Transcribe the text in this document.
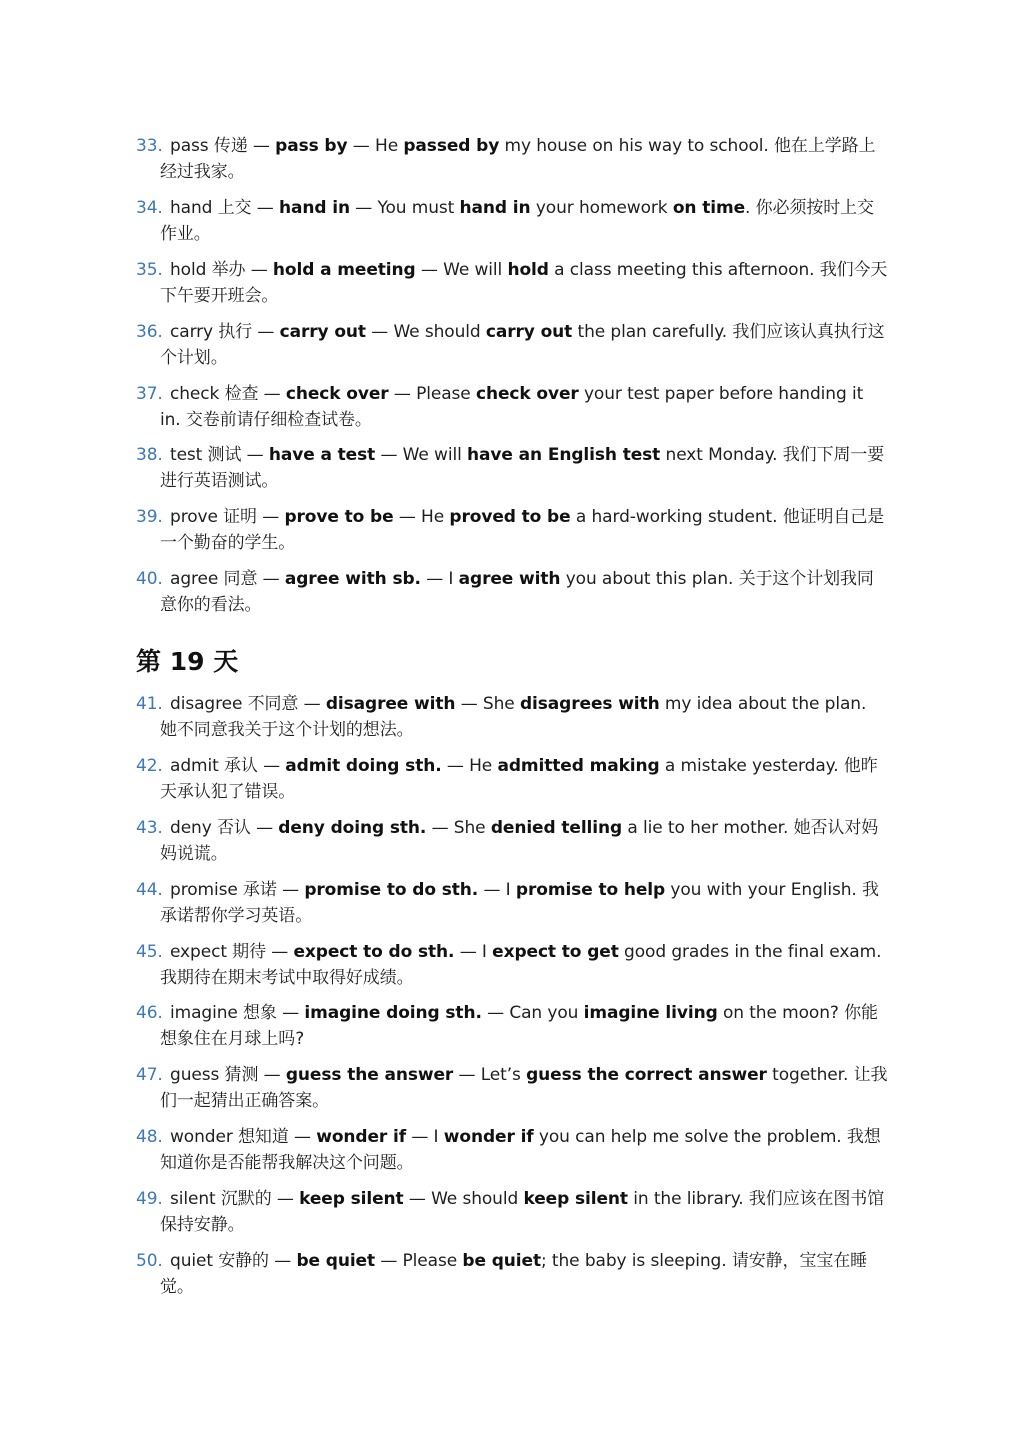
33. pass 传递 — pass by — He passed by my house on his way to school. 他在上学路上经过我家。
34. hand 上交 — hand in — You must hand in your homework on time. 你必须按时上交作业。
35. hold 举办 — hold a meeting — We will hold a class meeting this afternoon. 我们今天下午要开班会。
36. carry 执行 — carry out — We should carry out the plan carefully. 我们应该认真执行这个计划。
37. check 检查 — check over — Please check over your test paper before handing it in. 交卷前请仔细检查试卷。
38. test 测试 — have a test — We will have an English test next Monday. 我们下周一要进行英语测试。
39. prove 证明 — prove to be — He proved to be a hard-working student. 他证明自己是一个勤奋的学生。
40. agree 同意 — agree with sb. — I agree with you about this plan. 关于这个计划我同意你的看法。
第 19 天
41. disagree 不同意 — disagree with — She disagrees with my idea about the plan. 她不同意我关于这个计划的想法。
42. admit 承认 — admit doing sth. — He admitted making a mistake yesterday. 他昨天承认犯了错误。
43. deny 否认 — deny doing sth. — She denied telling a lie to her mother. 她否认对妈妈说谎。
44. promise 承诺 — promise to do sth. — I promise to help you with your English. 我承诺帮你学习英语。
45. expect 期待 — expect to do sth. — I expect to get good grades in the final exam. 我期待在期末考试中取得好成绩。
46. imagine 想象 — imagine doing sth. — Can you imagine living on the moon? 你能想象住在月球上吗?
47. guess 猜测 — guess the answer — Let’s guess the correct answer together. 让我们一起猜出正确答案。
48. wonder 想知道 — wonder if — I wonder if you can help me solve the problem. 我想知道你是否能帮我解决这个问题。
49. silent 沉默的 — keep silent — We should keep silent in the library. 我们应该在图书馆保持安静。
50. quiet 安静的 — be quiet — Please be quiet; the baby is sleeping. 请安静，宝宝在睡觉。
